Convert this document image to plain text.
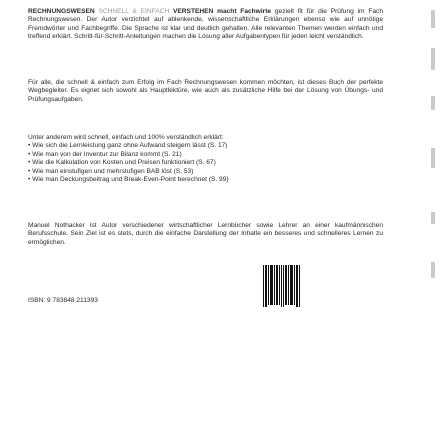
RECHNUNGSWESEN SCHNELL & EINFACH VERSTEHEN macht Fachwirte gezielt fit für die Prüfung im Fach Rechnungswesen. Der Autor verzichtet auf ablenkende, wissenschaftliche Erklärungen ebenso wie auf unnötige Fremdwörter und Fachbegriffe. Die Sprache ist klar und deutlich gehalten. Alle relevanten Themen werden einfach und treffend erklärt. Schritt-für-Schritt-Anleitungen machen die Lösung aller Aufgabentypen für jeden leicht verständlich.
Für alle, die schnell & einfach zum Erfolg im Fach Rechnungswesen kommen möchten, ist dieses Buch der perfekte Wegbegleiter. Es eignet sich sowohl als Hauptlektüre, wie auch als zusätzliche Hilfe bei der Lösung von Übungs- und Prüfungsaufgaben.
Unter anderem wird schnell, einfach und 100% verständlich erklärt:
• Wie sich die Lernleistung ganz ohne Aufwand steigern lässt (S. 17)
• Wie man von der Inventur zur Bilanz kommt (S. 21)
• Wie die Kalkulation von Kosten und Preisen funktioniert (S. 67)
• Wie man einstufigen und mehrstufigen BAB löst (S. 53)
• Wie man Deckungsbeitrag und Break-Even-Point berechnet (S. 99)
Manuel Nothacker ist Autor verschiedener wirtschaftlicher Lernbücher sowie Lehrer an einer kaufmännischen Berufsschule. Sein Ziel ist es stets, durch die einfache Darstellung der Inhalte ein besseres und schnelleres Lernen zu ermöglichen.
ISBN: 9 783848 211393
